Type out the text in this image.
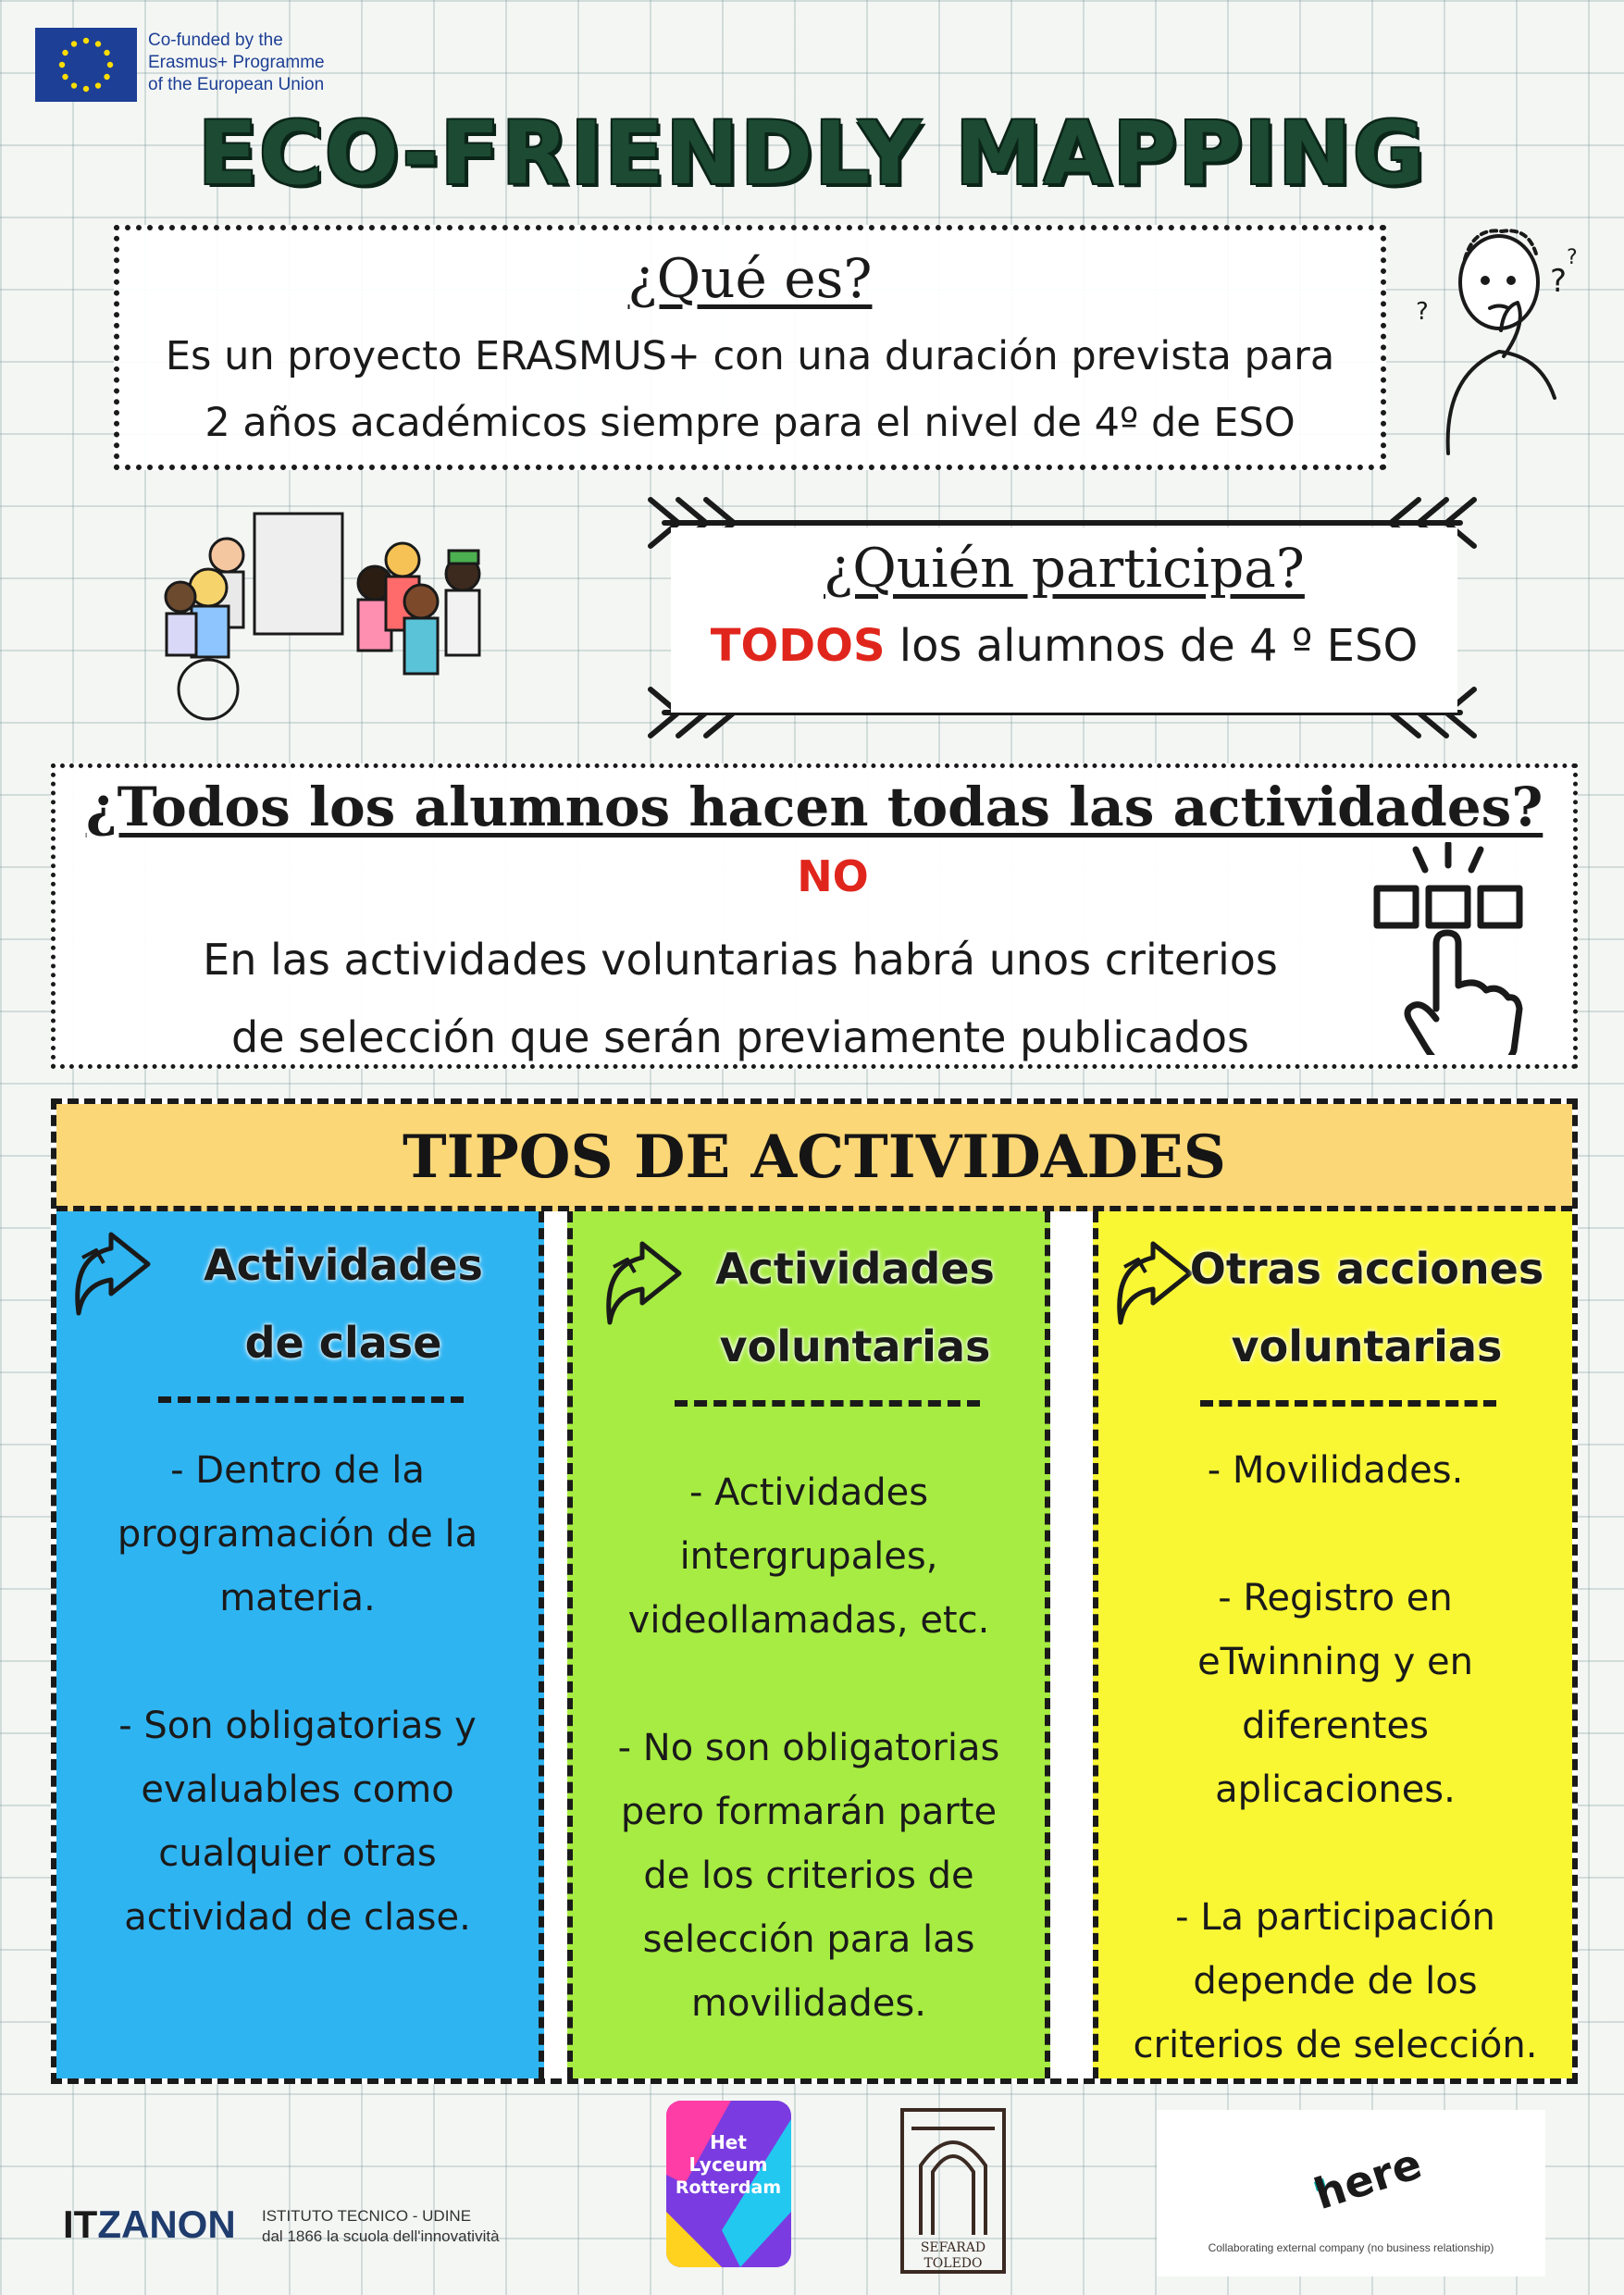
Co-funded by the
Erasmus+ Programme
of the European Union
ECO-FRIENDLY MAPPING
¿Qué es?
Es un proyecto ERASMUS+ con una duración prevista para
2 años académicos siempre para el nivel de 4º de ESO
?
?
?
¿Quién participa?
TODOS los alumnos de 4 º ESO
¿Todos los alumnos hacen todas las actividades?
NO
En las actividades voluntarias habrá unos criterios
de selección que serán previamente publicados
TIPOS DE ACTIVIDADES
Actividades
de clase

- Dentro de la
programación de la
materia.

- Son obligatorias y
evaluables como
cualquier otras
actividad de clase.

Actividades
voluntarias

- Actividades
intergrupales,
videollamadas, etc.

- No son obligatorias
pero formarán parte
de los criterios de
selección para las
movilidades.

Otras acciones
voluntarias

- Movilidades.

- Registro en
eTwinning y en
diferentes
aplicaciones.

- La participación
depende de los
criterios de selección.

ITZANON ISTITUTO TECNICO - UDINE
dal 1866 la scuola dell'innovatività
Het
Lyceum
Rotterdam
SEFARAD
TOLEDO
here
Collaborating external company (no business relationship)
